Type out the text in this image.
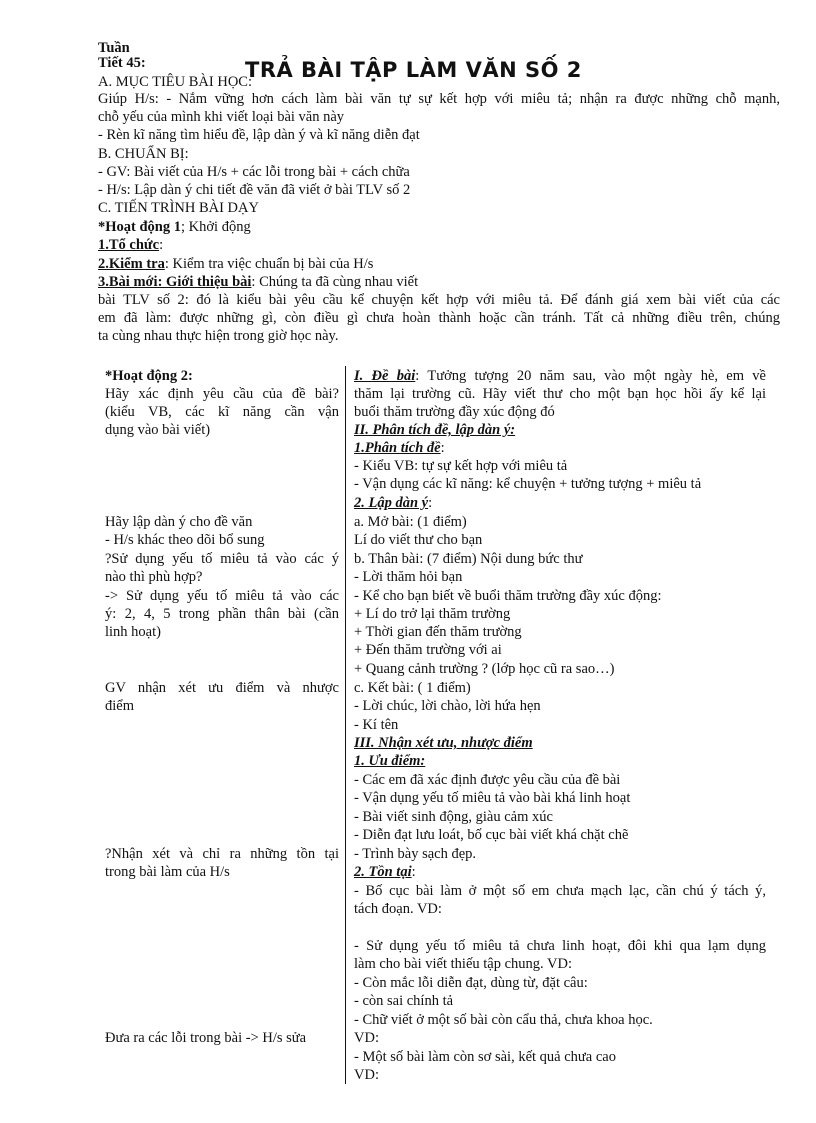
Tuần
Tiết 45:	TRẢ BÀI TẬP LÀM VĂN SỐ 2
A. MỤC TIÊU BÀI HỌC:
Giúp H/s: - Nắm vững hơn cách làm bài văn tự sự kết hợp với miêu tả; nhận ra được những chỗ mạnh,
chỗ yếu của mình khi viết loại bài văn này
- Rèn kĩ năng tìm hiểu đề, lập dàn ý và kĩ năng diễn đạt
B. CHUẨN BỊ:
- GV: Bài viết của H/s + các lỗi trong bài + cách chữa
- H/s: Lập dàn ý chi tiết đề văn đã viết ở bài TLV số 2
C. TIẾN TRÌNH BÀI DẠY
*Hoạt động 1; Khởi động
1.Tổ chức:
2.Kiểm tra: Kiểm tra việc chuẩn bị bài của H/s
3.Bài mới: Giới thiệu bài: Chúng ta đã cùng nhau viết
bài TLV số 2: đó là kiểu bài yêu cầu kể chuyện kết hợp với miêu tả. Để đánh giá xem bài viết của các
em đã làm: được những gì, còn điều gì chưa hoàn thành hoặc cần tránh. Tất cả những điều trên, chúng
ta cùng nhau thực hiện trong giờ học này.
*Hoạt động 2:
Hãy xác định yêu cầu của đề bài?
(kiểu VB, các kĩ năng cần vận
dụng vào bài viết)
Hãy lập dàn ý cho đề văn
- H/s khác theo dõi bổ sung
?Sử dụng yếu tố miêu tả vào các ý
nào thì phù hợp?
-> Sử dụng yếu tố miêu tả vào các
ý: 2, 4, 5 trong phần thân bài (cần
linh hoạt)
GV nhận xét ưu điểm và nhược
điểm
?Nhận xét và chỉ ra những tồn tại
trong bài làm của H/s
Đưa ra các lỗi trong bài -> H/s sửa
I. Đề bài: Tưởng tượng 20 năm sau, vào một ngày hè, em về
thăm lại trường cũ. Hãy viết thư cho một bạn học hồi ấy kể lại
buổi thăm trường đầy xúc động đó
II. Phân tích đề, lập dàn ý:
1.Phân tích đề:
- Kiểu VB: tự sự kết hợp với miêu tả
- Vận dụng các kĩ năng: kể chuyện + tưởng tượng + miêu tả
2. Lập dàn ý:
a. Mở bài: (1 điểm)
Lí do viết thư cho bạn
b. Thân bài: (7 điểm) Nội dung bức thư
- Lời thăm hỏi bạn
- Kể cho bạn biết về buổi thăm trường đầy xúc động:
+ Lí do trở lại thăm trường
+ Thời gian đến thăm trường
+ Đến thăm trường với ai
+ Quang cảnh trường ? (lớp học cũ ra sao…)
c. Kết bài: ( 1 điểm)
- Lời chúc, lời chào, lời hứa hẹn
- Kí tên
III. Nhận xét ưu, nhược điểm
1. Ưu điểm:
- Các em đã xác định được yêu cầu của đề bài
- Vận dụng yếu tố miêu tả vào bài khá linh hoạt
- Bài viết sinh động, giàu cảm xúc
- Diễn đạt lưu loát, bố cục bài viết khá chặt chẽ
- Trình bày sạch đẹp.
2. Tồn tại:
- Bố cục bài làm ở một số em chưa mạch lạc, cần chú ý tách ý,
tách đoạn. VD:
- Sử dụng yếu tố miêu tả chưa linh hoạt, đôi khi qua lạm dụng
làm cho bài viết thiếu tập chung. VD:
- Còn mắc lỗi diễn đạt, dùng từ, đặt câu:
- còn sai chính tả
- Chữ viết ở một số bài còn cẩu thả, chưa khoa học.
VD:
- Một số bài làm còn sơ sài, kết quả chưa cao
VD:
